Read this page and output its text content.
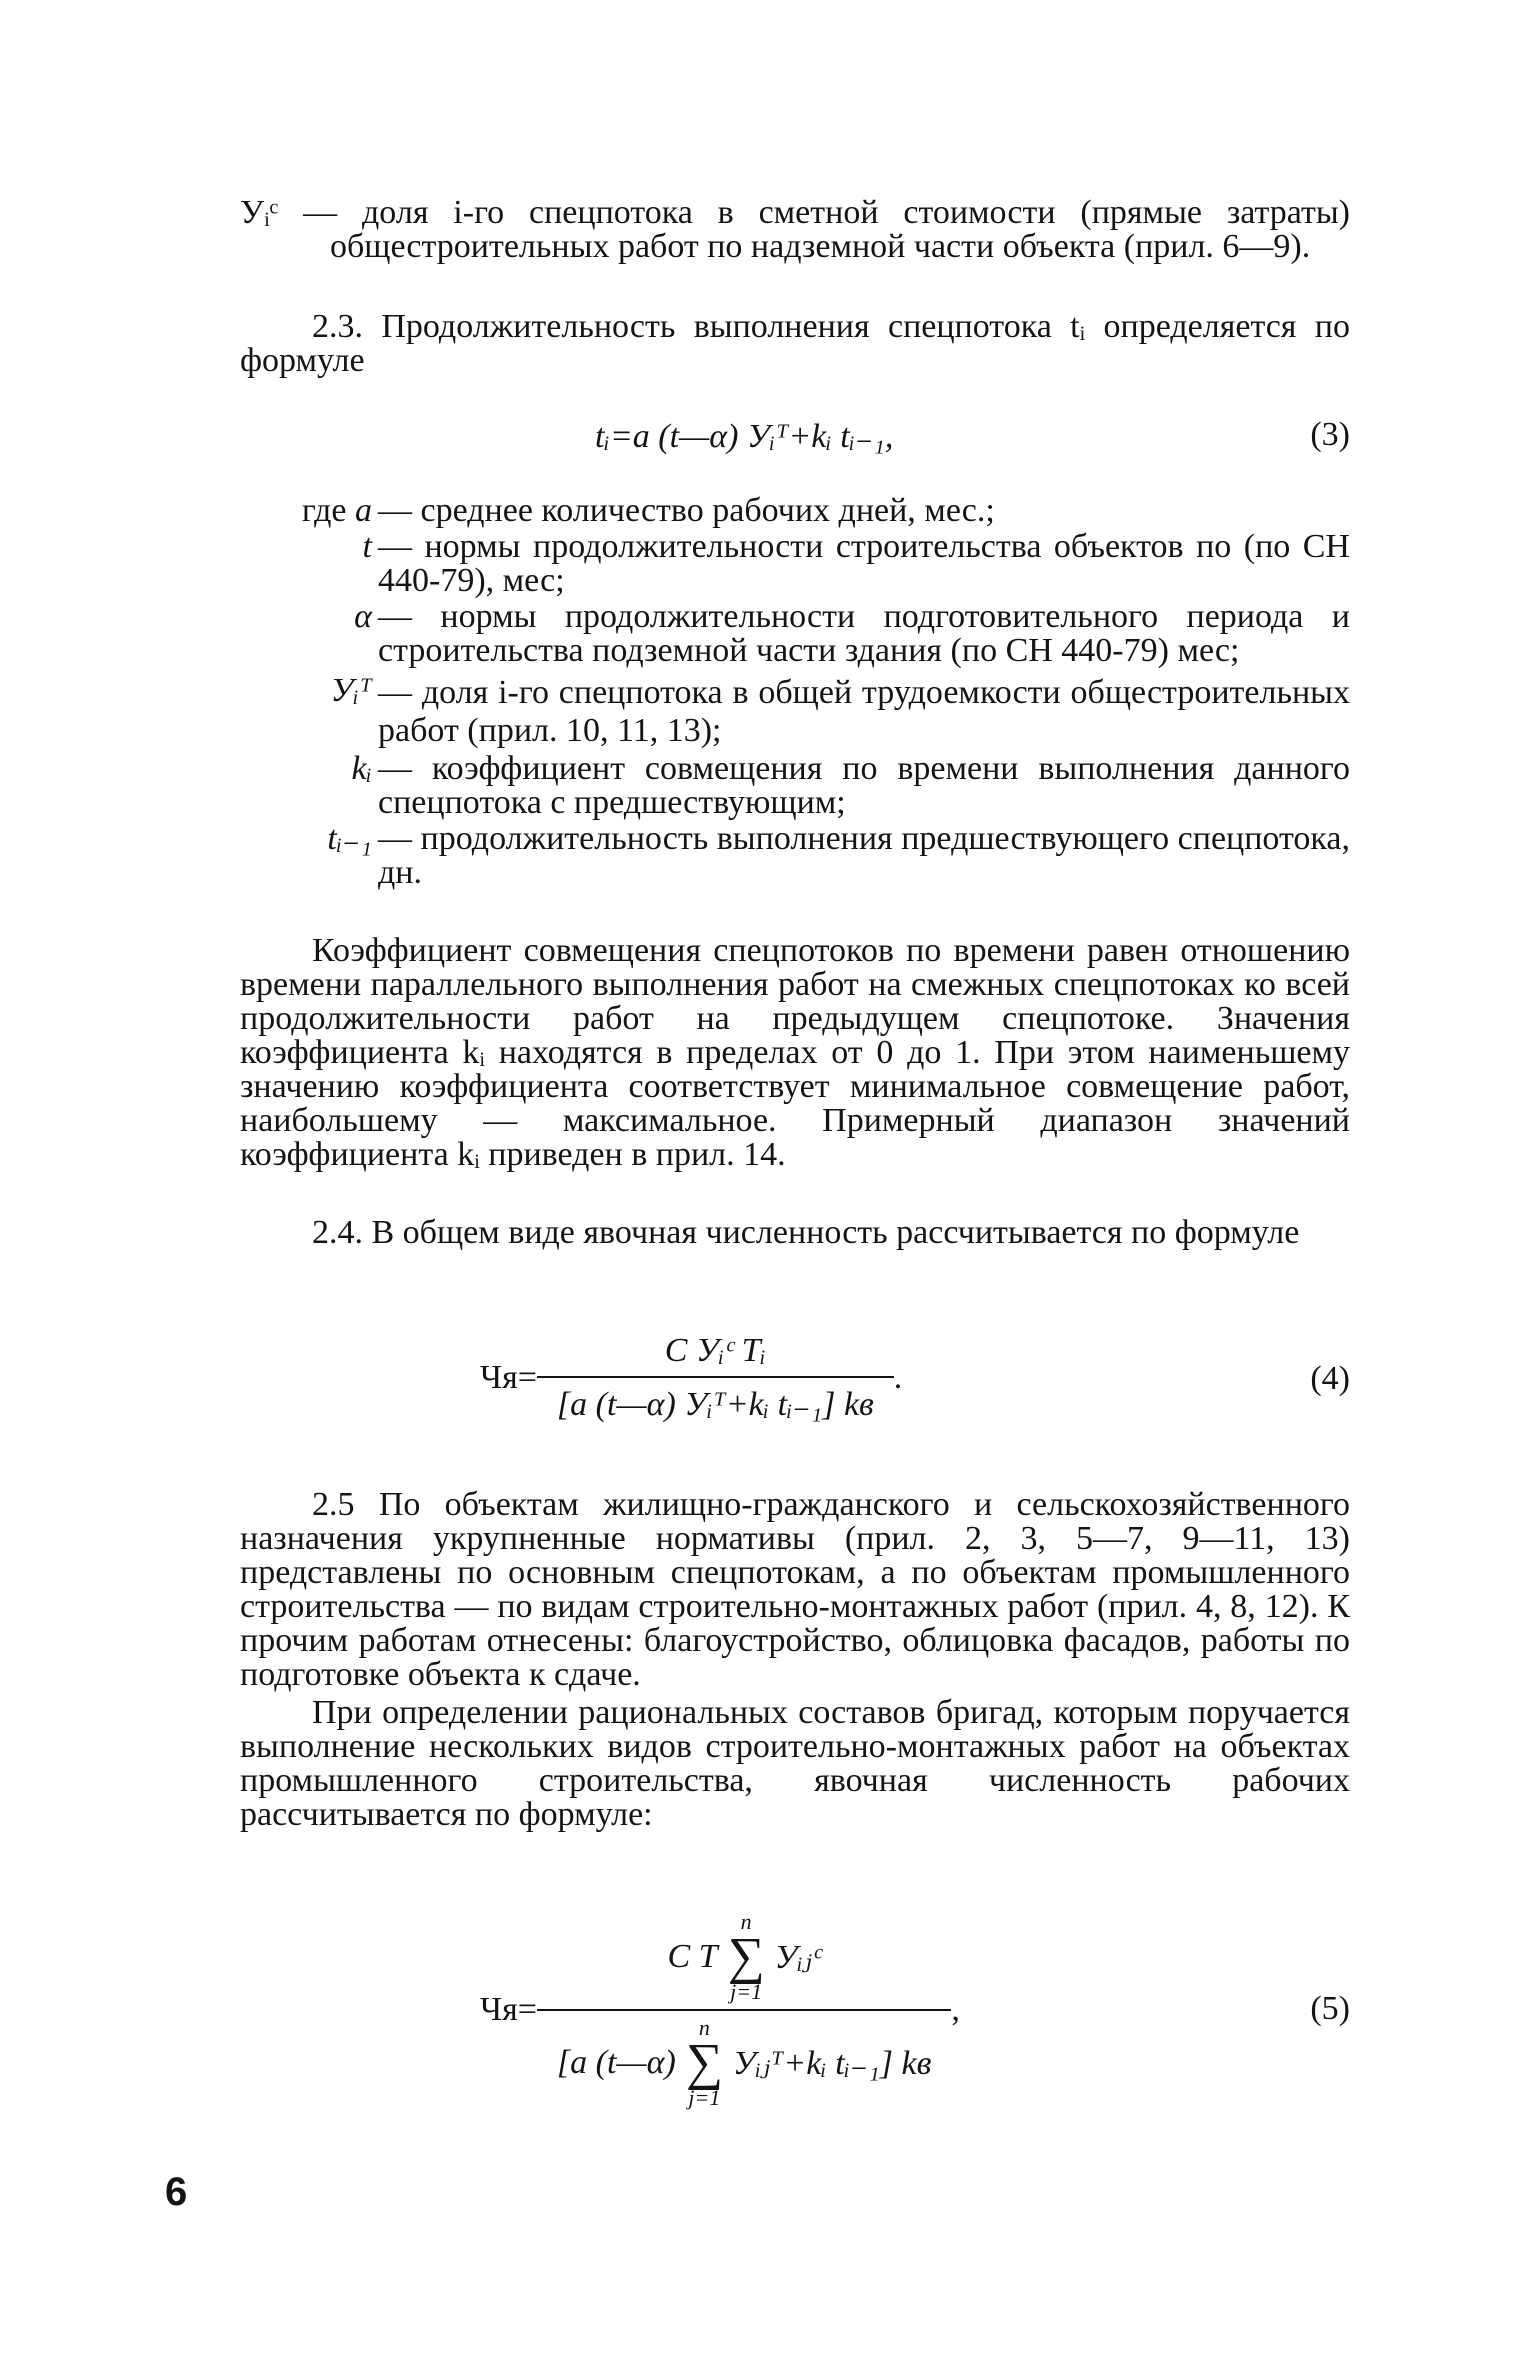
Уᵢᶜ — доля i-го спецпотока в сметной стоимости (прямые затраты) общестроительных работ по надземной части объекта (прил. 6—9).

2.3. Продолжительность выполнения спецпотока tᵢ определяется по формуле

tᵢ=a (t—α) Уᵢᵀ+kᵢ tᵢ₋₁,	(3)
где a — среднее количество рабочих дней, мес.;
t — нормы продолжительности строительства объектов по (по СН 440-79), мес;
α — нормы продолжительности подготовительного периода и строительства подземной части здания (по СН 440-79) мес;
Уᵢᵀ — доля i-го спецпотока в общей трудоемкости общестроительных работ (прил. 10, 11, 13);
kᵢ — коэффициент совмещения по времени выполнения данного спецпотока с предшествующим;
tᵢ₋₁ — продолжительность выполнения предшествующего спецпотока, дн.

Коэффициент совмещения спецпотоков по времени равен отношению времени параллельного выполнения работ на смежных спецпотоках ко всей продолжительности работ на предыдущем спецпотоке. Значения коэффициента kᵢ находятся в пределах от 0 до 1. При этом наименьшему значению коэффициента соответствует минимальное совмещение работ, наибольшему — максимальное. Примерный диапазон значений коэффициента kᵢ приведен в прил. 14.

2.4. В общем виде явочная численность рассчитывается по формуле

$Чя= \frac{\text{С Уᵢᶜ Tᵢ}}{\text{[a (t—α) Уᵢᵀ+kᵢ tᵢ₋₁] kв}}$ .	(4)

2.5 По объектам жилищно-гражданского и сельскохозяйственного назначения укрупненные нормативы (прил. 2, 3, 5—7, 9—11, 13) представлены по основным спецпотокам, а по объектам промышленного строительства — по видам строительно-монтажных работ (прил. 4, 8, 12). К прочим работам отнесены: благоустройство, облицовка фасадов, работы по подготовке объекта к сдаче.

При определении рациональных составов бригад, которым поручается выполнение нескольких видов строительно-монтажных работ на объектах промышленного строительства, явочная численность рабочих рассчитывается по формуле:

Чя=
С T
n
∑
j=1
Уᵢⱼᶜ
[a (t—α)
n
∑
j=1
Уᵢⱼᵀ+kᵢ tᵢ₋₁] kв
,	(5)
6
